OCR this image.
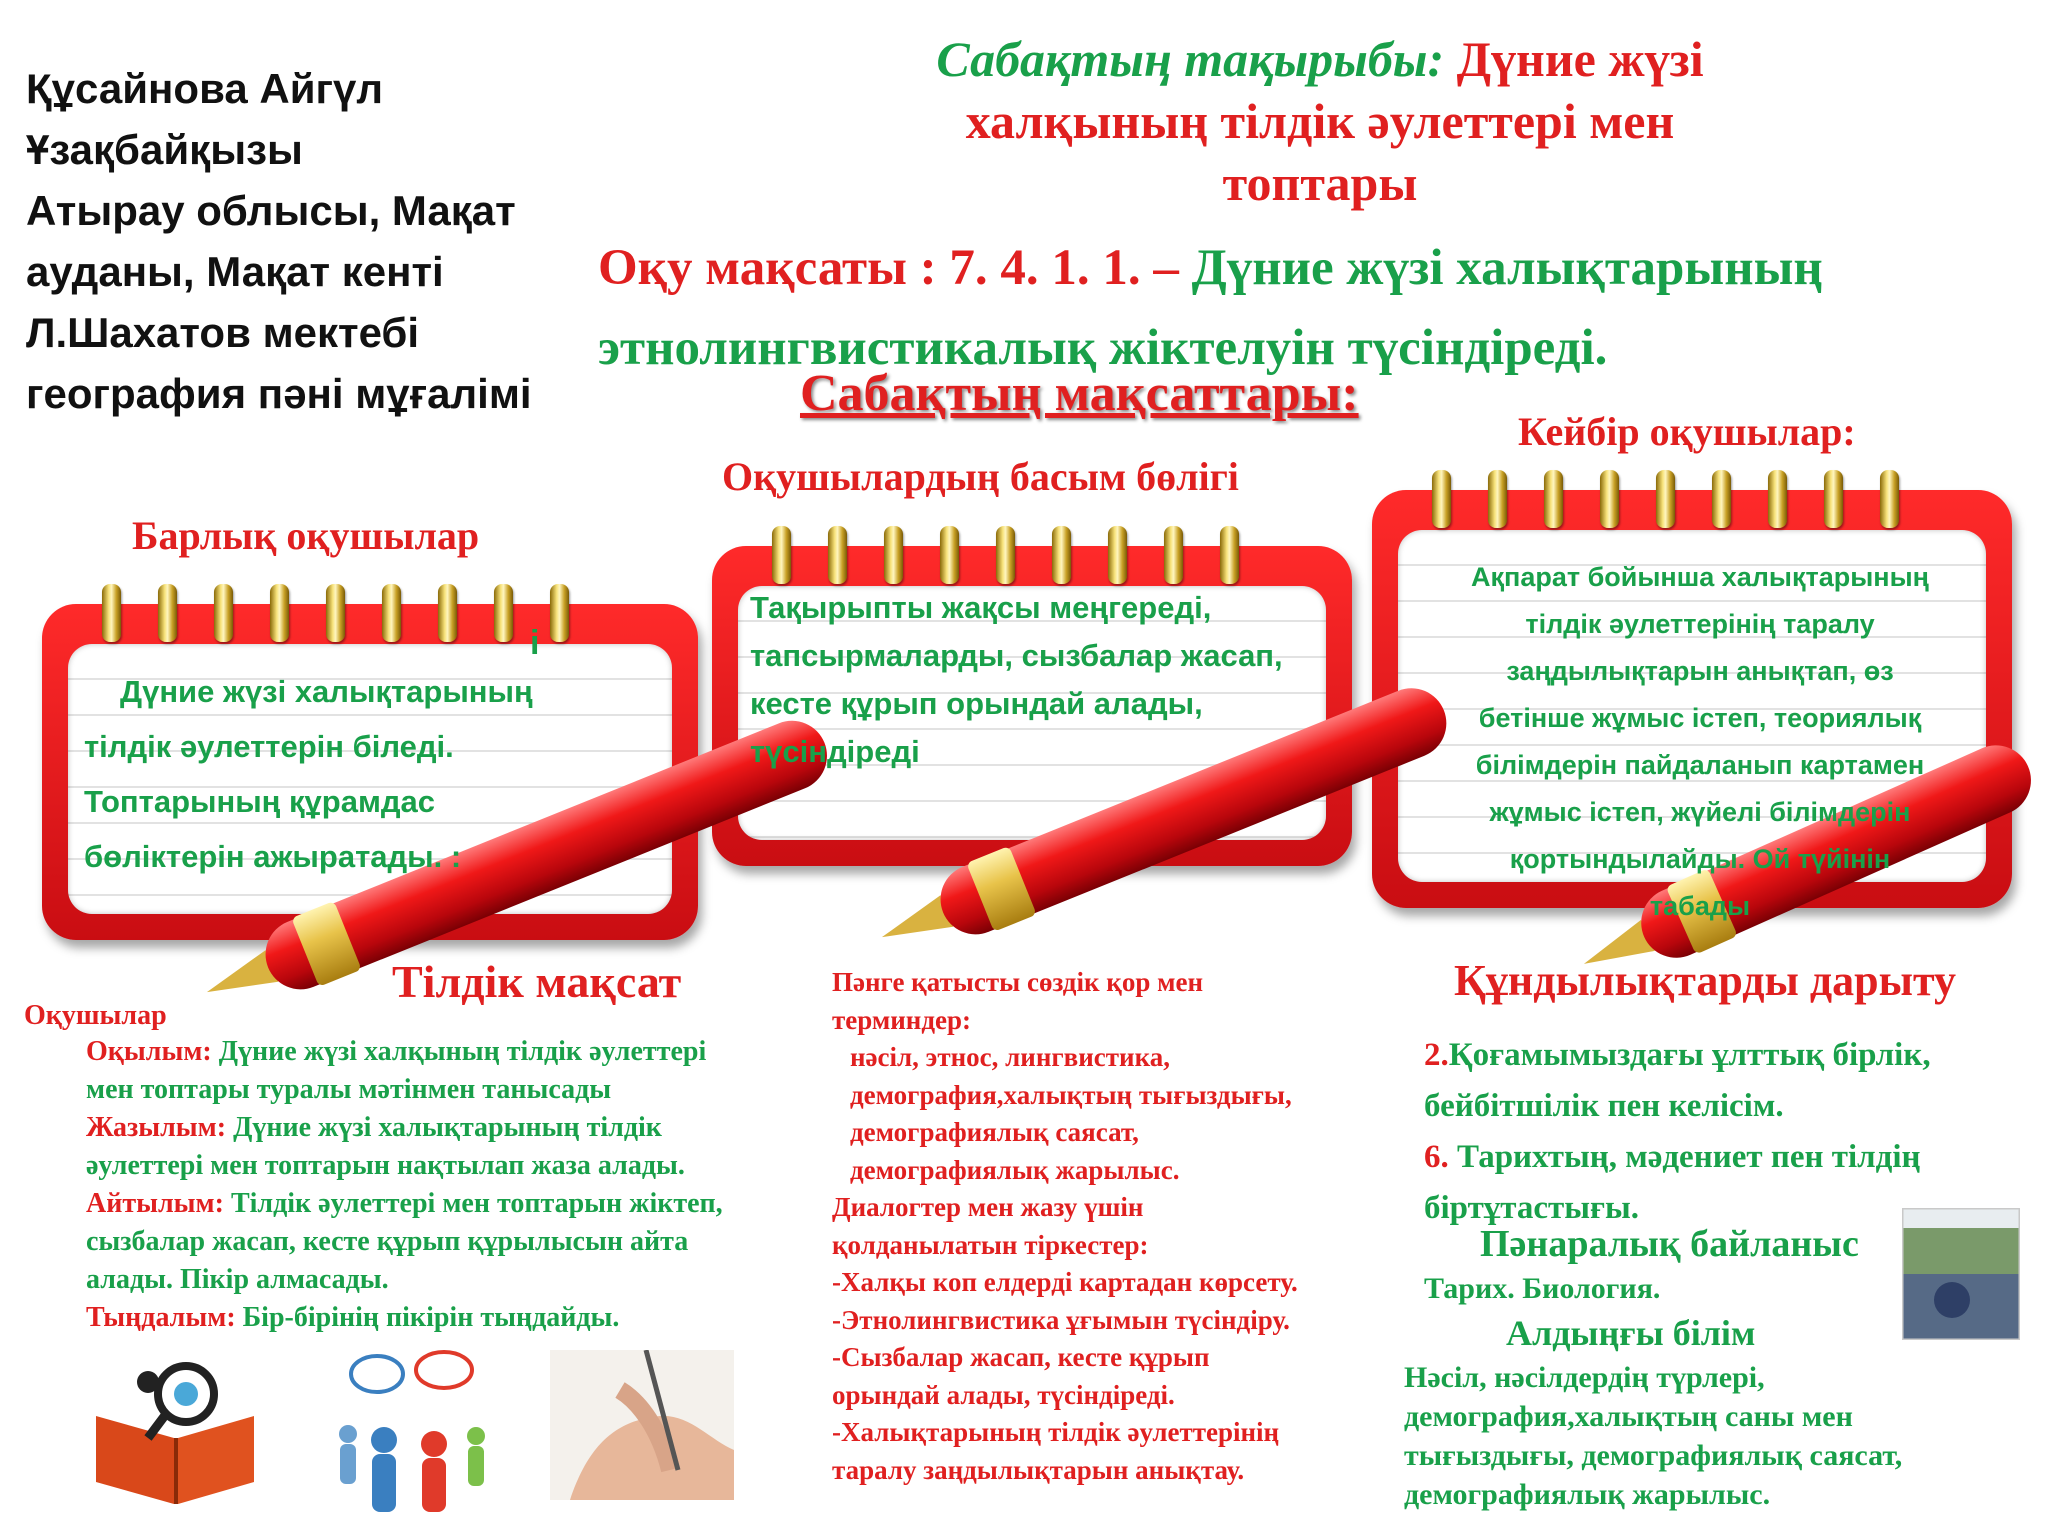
Құсайнова Айгүл
Ұзақбайқызы
Атырау облысы, Мақат
ауданы, Мақат кенті
Л.Шахатов мектебі
география пәні мұғалімі
Сабақтың тақырыбы: Дүние жүзі
халқының тілдік әулеттері мен
топтары
Оқу мақсаты : 7. 4. 1. 1. – Дүние жүзі халықтарының
этнолингвистикалық жіктелуін түсіндіреді.
Сабақтың мақсаттары:
Барлық оқушылар
Оқушылардың басым бөлігі
Кейбір оқушылар:
і
Дүние жүзі халықтарының
тілдік әулеттерін біледі.
Топтарының құрамдас
бөліктерін ажыратады. :
Тақырыпты жақсы меңгереді,
тапсырмаларды, сызбалар жасап,
кесте құрып орындай алады,
түсіндіреді
Ақпарат бойынша халықтарының
тілдік әулеттерінің таралу
заңдылықтарын анықтап, өз
бетінше жұмыс істеп, теориялық
білімдерін пайдаланып картамен
жұмыс істеп, жүйелі білімдерін
қортындылайды. Ой түйінін
табады
Тілдік мақсат
Оқушылар
Оқылым: Дүние жүзі халқының тілдік әулеттері
мен топтары туралы мәтінмен танысады
Жазылым: Дүние жүзі халықтарының тілдік
әулеттері мен топтарын нақтылап жаза алады.
Айтылым: Тілдік әулеттері мен топтарын жіктеп,
сызбалар жасап, кесте құрып құрылысын айта
алады. Пікір алмасады.
Тыңдалым: Бір-бірінің пікірін тыңдайды.
Пәнге қатысты сөздік қор мен
терминдер:
нәсіл, этнос, лингвистика,
демография,халықтың тығыздығы,
демографиялық саясат,
демографиялық жарылыс.
Диалогтер мен жазу үшін
қолданылатын тіркестер:
-Халқы коп елдерді картадан көрсету.
-Этнолингвистика ұғымын түсіндіру.
-Сызбалар жасап, кесте құрып
орындай алады, түсіндіреді.
-Халықтарының тілдік әулеттерінің
таралу заңдылықтарын анықтау.
Құндылықтарды дарыту
2.Қоғамымыздағы ұлттық бірлік,
бейбітшілік пен келісім.
6. Тарихтың, мәдениет пен тілдің
біртұтастығы.
Пәнаралық байланыс
Тарих. Биология.
Алдыңғы білім
Нәсіл, нәсілдердің түрлері,
демография,халықтың саны мен
тығыздығы, демографиялық саясат,
демографиялық жарылыс.
